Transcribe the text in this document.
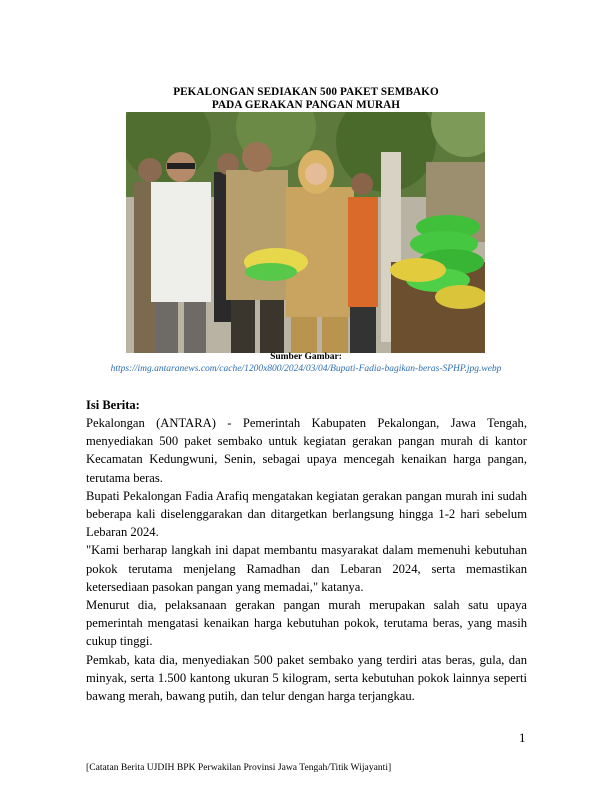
PEKALONGAN SEDIAKAN 500 PAKET SEMBAKO
PADA GERAKAN PANGAN MURAH
Sumber Gambar:
https://img.antaranews.com/cache/1200x800/2024/03/04/Bupati-Fadia-bagikan-beras-SPHP.jpg.webp
Isi Berita:

Pekalongan (ANTARA) - Pemerintah Kabupaten Pekalongan, Jawa Tengah, menyediakan 500 paket sembako untuk kegiatan gerakan pangan murah di kantor Kecamatan Kedungwuni, Senin, sebagai upaya mencegah kenaikan harga pangan, terutama beras.

Bupati Pekalongan Fadia Arafiq mengatakan kegiatan gerakan pangan murah ini sudah beberapa kali diselenggarakan dan ditargetkan berlangsung hingga 1-2 hari sebelum Lebaran 2024.

"Kami berharap langkah ini dapat membantu masyarakat dalam memenuhi kebutuhan pokok terutama menjelang Ramadhan dan Lebaran 2024, serta memastikan ketersediaan pasokan pangan yang memadai," katanya.

Menurut dia, pelaksanaan gerakan pangan murah merupakan salah satu upaya pemerintah mengatasi kenaikan harga kebutuhan pokok, terutama beras, yang masih cukup tinggi.

Pemkab, kata dia, menyediakan 500 paket sembako yang terdiri atas beras, gula, dan minyak, serta 1.500 kantong ukuran 5 kilogram, serta kebutuhan pokok lainnya seperti bawang merah, bawang putih, dan telur dengan harga terjangkau.

1
[Catatan Berita UJDIH BPK Perwakilan Provinsi Jawa Tengah/Titik Wijayanti]
